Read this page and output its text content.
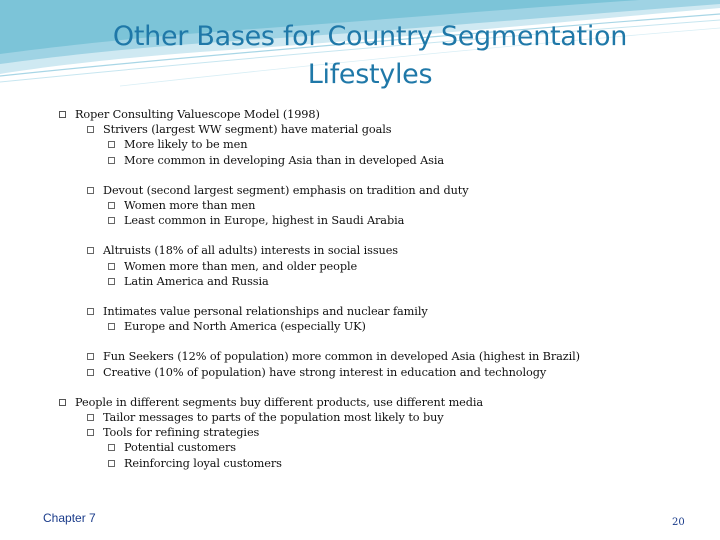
Other Bases for Country Segmentation
Lifestyles
Roper Consulting Valuescope Model (1998)
Strivers (largest WW segment) have material goals
More likely to be men
More common in developing Asia than in developed Asia
Devout (second largest segment) emphasis on tradition and duty
Women more than men
Least common in Europe, highest in Saudi Arabia
Altruists (18% of all adults) interests in social issues
Women more than men, and older people
Latin America and Russia
Intimates value personal relationships and nuclear family
Europe and North America (especially UK)
Fun Seekers (12% of population) more common in developed Asia (highest in Brazil)
Creative (10% of population) have strong interest in education and technology
People in different segments buy different products, use different media
Tailor messages to parts of the population most likely to buy
Tools for refining strategies
Potential customers
Reinforcing loyal customers
Chapter 7	20
